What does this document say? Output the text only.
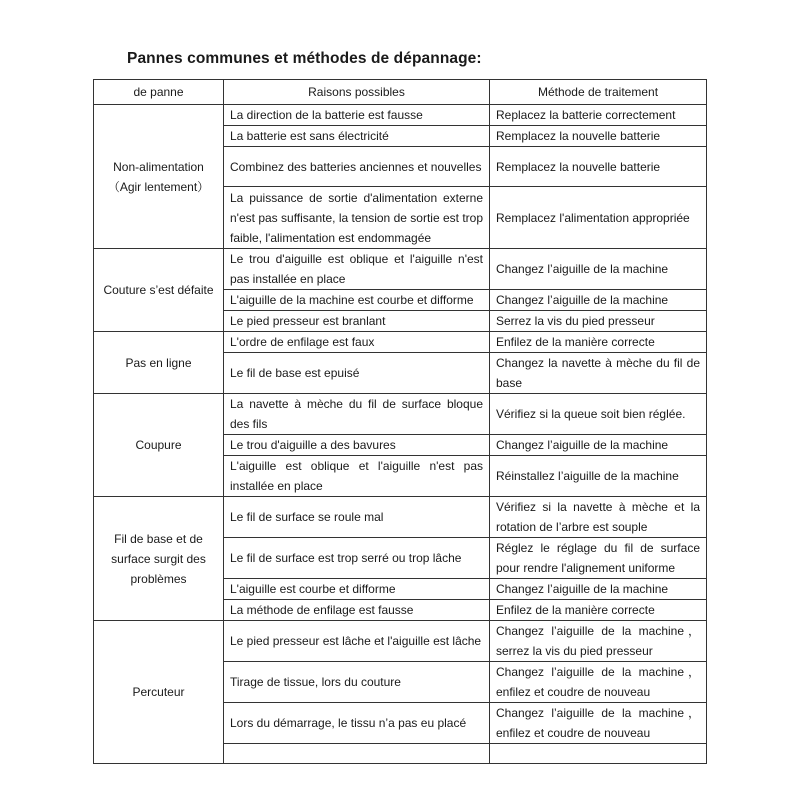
Pannes communes et méthodes de dépannage:
de panne	Raisons possibles	Méthode de traitement

Non-alimentation
（Agir lentement）	La direction de la batterie est fausse	Replacez la batterie correctement
	La batterie est sans électricité	Remplacez la nouvelle batterie
	Combinez des batteries anciennes et nouvelles	Remplacez la nouvelle batterie
	La puissance de sortie d'alimentation externe n'est pas suffisante, la tension de sortie est trop faible, l'alimentation est endommagée	Remplacez l'alimentation appropriée

Couture s’est défaite	Le trou d'aiguille est oblique et l'aiguille n'est pas installée en place	Changez l’aiguille de la machine
	L'aiguille de la machine est courbe et difforme	Changez l’aiguille de la machine
	Le pied presseur est branlant	Serrez la vis du pied presseur

Pas en ligne	L'ordre de enfilage est faux	Enfilez de la manière correcte
	Le fil de base est epuisé	Changez la navette à mèche du fil de base

Coupure	La navette à mèche du fil de surface bloque des fils	Vérifiez si la queue soit bien réglée.
	Le trou d'aiguille a des bavures	Changez l’aiguille de la machine
	L'aiguille est oblique et l'aiguille n'est pas installée en place	Réinstallez l’aiguille de la machine

Fil de base et de
surface surgit des
problèmes	Le fil de surface se roule mal	Vérifiez si la navette à mèche et la rotation de l’arbre est souple
	Le fil de surface est trop serré ou trop lâche	Réglez le réglage du fil de surface pour rendre l'alignement uniforme
	L'aiguille est courbe et difforme	Changez l’aiguille de la machine
	La méthode de enfilage est fausse	Enfilez de la manière correcte

Percuteur	Le pied presseur est lâche et l'aiguille est lâche	Changez l’aiguille de la machine， serrez la vis du pied presseur
	Tirage de tissue, lors du couture	Changez l’aiguille de la machine， enfilez et coudre de nouveau
	Lors du démarrage, le tissu n’a pas eu placé	Changez l’aiguille de la machine， enfilez et coudre de nouveau
